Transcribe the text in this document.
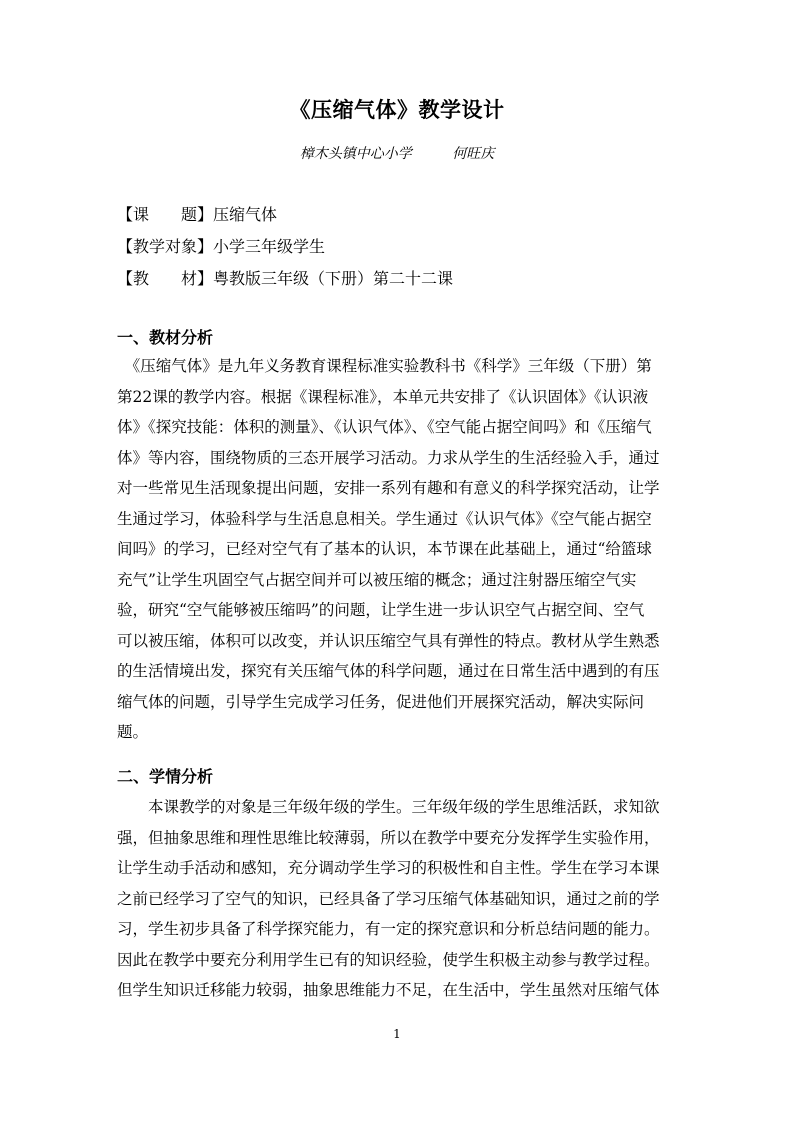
《压缩气体》教学设计
樟木头镇中心小学	何旺庆
【课　　题】压缩气体
【教学对象】小学三年级学生
【教　　材】粤教版三年级（下册）第二十二课
一、教材分析
　《压缩气体》是九年义务教育课程标准实验教科书《科学》三年级（下册）第
第22课的教学内容。根据《课程标准》，本单元共安排了《认识固体》《认识液
体》《探究技能：体积的测量》、《认识气体》、《空气能占据空间吗》和《压缩气
体》等内容，围绕物质的三态开展学习活动。力求从学生的生活经验入手，通过
对一些常见生活现象提出问题，安排一系列有趣和有意义的科学探究活动，让学
生通过学习，体验科学与生活息息相关。学生通过《认识气体》《空气能占据空
间吗》的学习，已经对空气有了基本的认识，本节课在此基础上，通过“给篮球
充气”让学生巩固空气占据空间并可以被压缩的概念；通过注射器压缩空气实
验，研究“空气能够被压缩吗”的问题，让学生进一步认识空气占据空间、空气
可以被压缩，体积可以改变，并认识压缩空气具有弹性的特点。教材从学生熟悉
的生活情境出发，探究有关压缩气体的科学问题，通过在日常生活中遇到的有压
缩气体的问题，引导学生完成学习任务，促进他们开展探究活动，解决实际问
题。
二、学情分析
　　本课教学的对象是三年级年级的学生。三年级年级的学生思维活跃，求知欲
强，但抽象思维和理性思维比较薄弱，所以在教学中要充分发挥学生实验作用，
让学生动手活动和感知，充分调动学生学习的积极性和自主性。学生在学习本课
之前已经学习了空气的知识，已经具备了学习压缩气体基础知识，通过之前的学
习，学生初步具备了科学探究能力，有一定的探究意识和分析总结问题的能力。
因此在教学中要充分利用学生已有的知识经验，使学生积极主动参与教学过程。
但学生知识迁移能力较弱，抽象思维能力不足，在生活中，学生虽然对压缩气体
1
